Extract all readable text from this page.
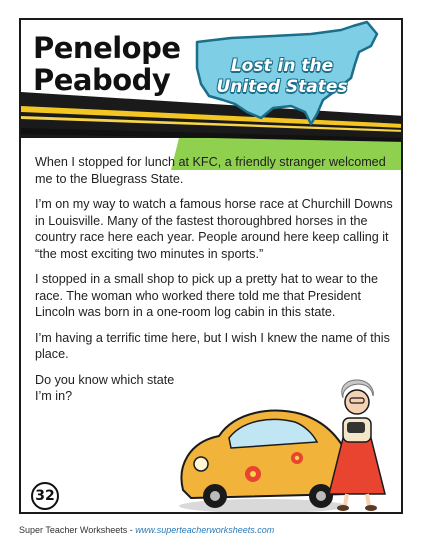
Penelope
Peabody	Lost in the
United States

When I stopped for lunch at KFC, a friendly stranger welcomed me to the Bluegrass State.

I’m on my way to watch a famous horse race at Churchill Downs in Louisville. Many of the fastest thoroughbred horses in the country race here each year. People around here keep calling it “the most exciting two minutes in sports.”

I stopped in a small shop to pick up a pretty hat to wear to the race. The woman who worked there told me that President Lincoln was born in a one-room log cabin in this state.

I’m having a terrific time here, but I wish I knew the name of this place.

Do you know which state I’m in?

32
Super Teacher Worksheets - www.superteacherworksheets.com
